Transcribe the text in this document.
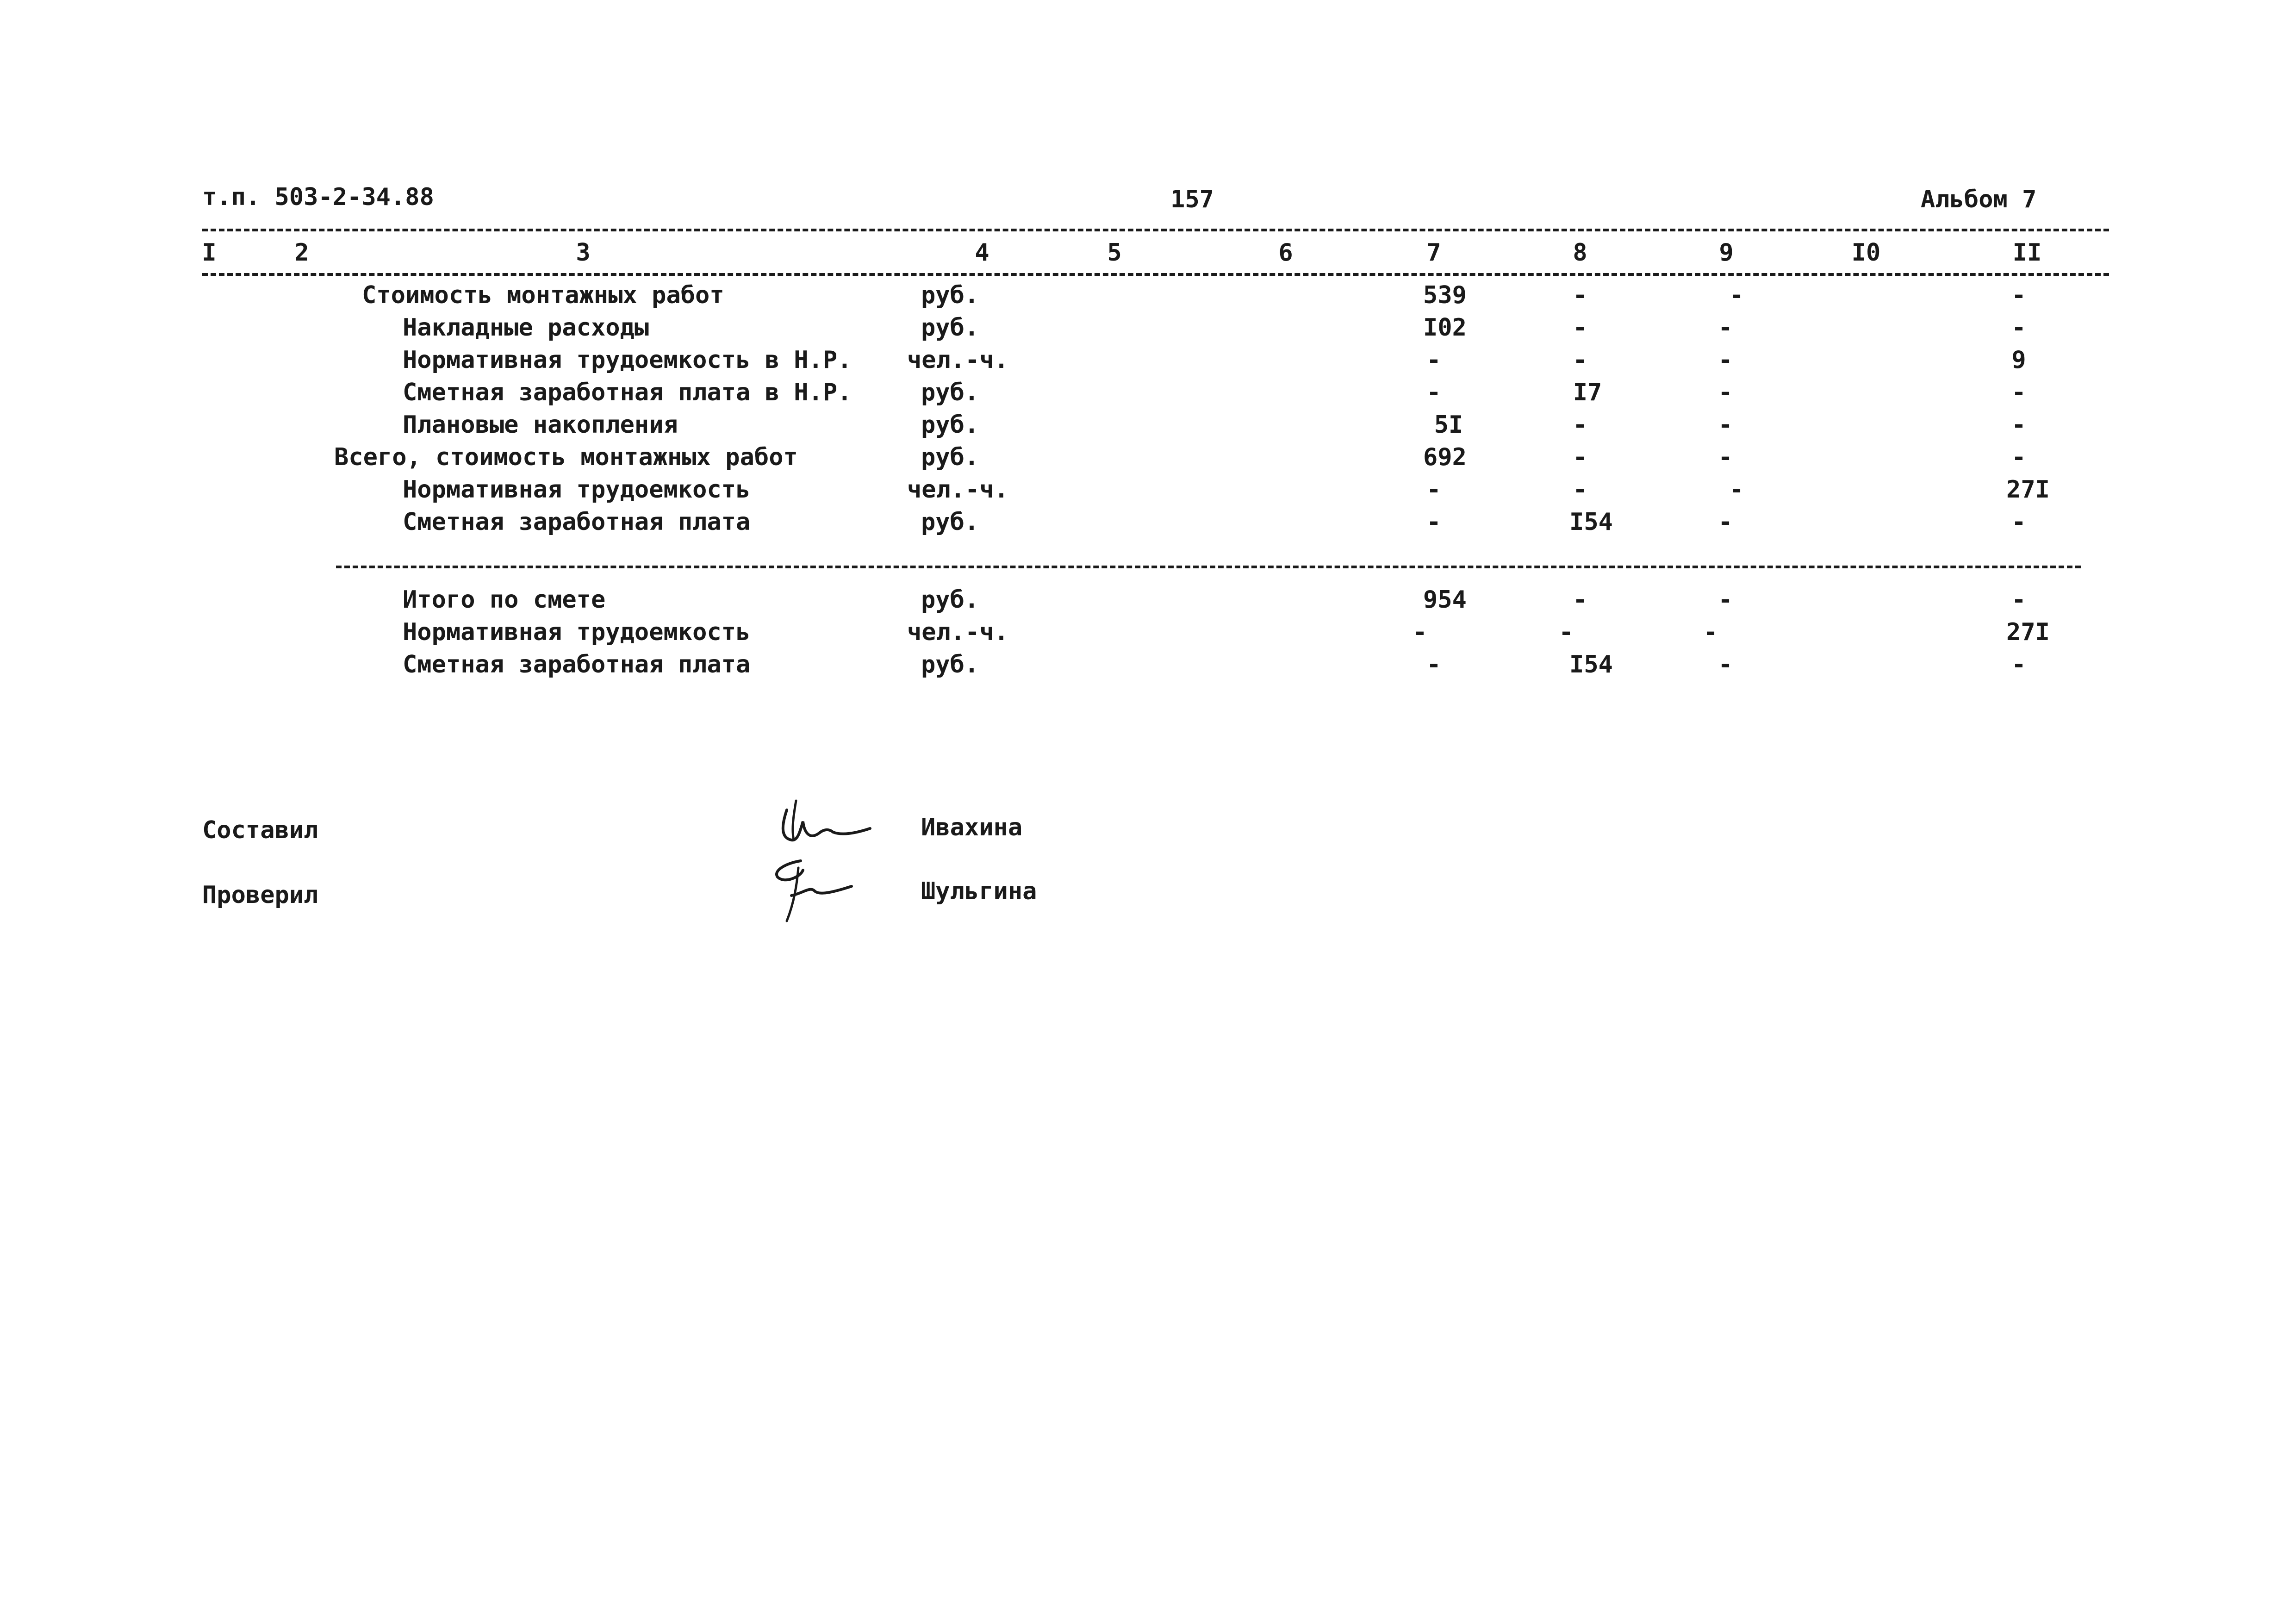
т.п. 503-2-34.88	157	Альбом 7
I	2	3	4	5	6	7	8	9	I0	II
Стоимость монтажных работ	руб.	539	-	-	-
Накладные расходы	руб.	I02	-	-	-
Нормативная трудоемкость в Н.Р. чел.-ч.	-	-	-	9
Сметная заработная плата в Н.Р.	руб.	-	I7	-	-
Плановые накопления	руб.	5I	-	-	-
Всего, стоимость монтажных работ	руб.	692	-	-	-
Нормативная трудоемкость	чел.-ч.	-	-	-	27I
Сметная заработная плата	руб.	-	I54	-	-
Итого по смете	руб.	954	-	-	-
Нормативная трудоемкость	чел.-ч.	-	-	-	27I
Сметная заработная плата	руб.	-	I54	-	-
Составил	Ивахина
Проверил	Шульгина
